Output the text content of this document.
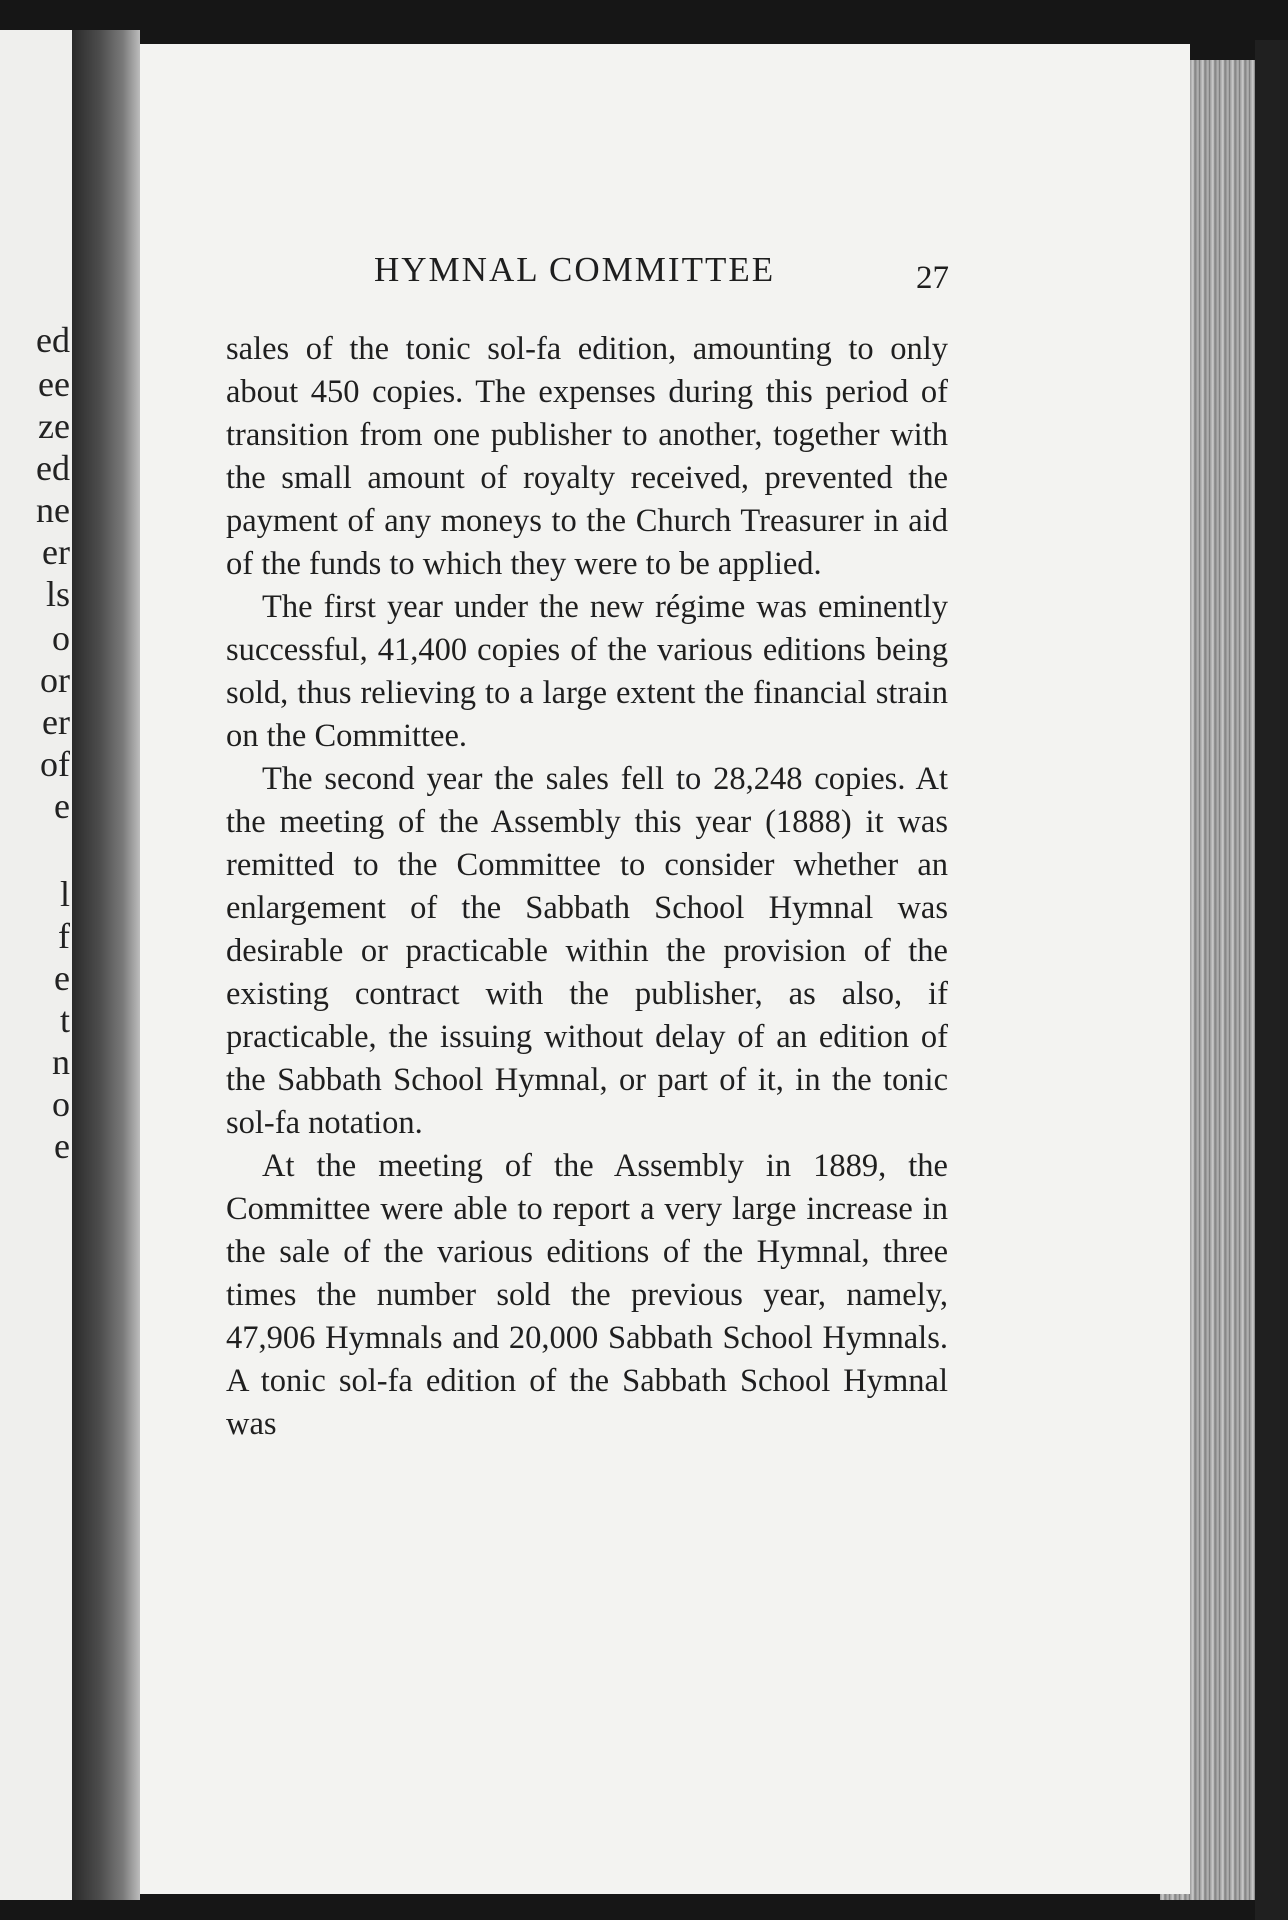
ed
ee
ze
ed
ne
er
ls
o
or
er
of
e
l
f
e
t
n
o
e
HYMNAL COMMITTEE	27

sales of the tonic sol-fa edition, amounting to only about 450 copies. The expenses during this period of transition from one publisher to another, together with the small amount of royalty received, prevented the payment of any moneys to the Church Treasurer in aid of the funds to which they were to be applied.

The first year under the new régime was eminently successful, 41,400 copies of the various editions being sold, thus relieving to a large extent the financial strain on the Committee.

The second year the sales fell to 28,248 copies. At the meeting of the Assembly this year (1888) it was remitted to the Committee to consider whether an enlargement of the Sabbath School Hymnal was desirable or practicable within the provision of the existing contract with the publisher, as also, if practicable, the issuing without delay of an edition of the Sabbath School Hymnal, or part of it, in the tonic sol-fa notation.

At the meeting of the Assembly in 1889, the Committee were able to report a very large increase in the sale of the various editions of the Hymnal, three times the number sold the previous year, namely, 47,906 Hymnals and 20,000 Sabbath School Hymnals. A tonic sol-fa edition of the Sabbath School Hymnal was
